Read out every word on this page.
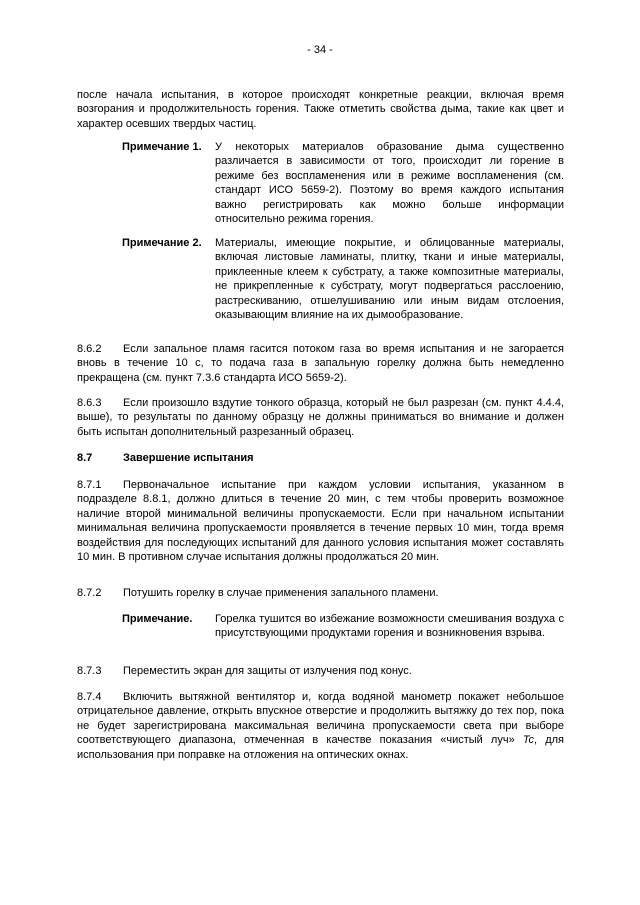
- 34 -
после начала испытания, в которое происходят конкретные реакции, включая время возгорания и продолжительность горения. Также отметить свойства дыма, такие как цвет и характер осевших твердых частиц.
Примечание 1. У некоторых материалов образование дыма существенно различается в зависимости от того, происходит ли горение в режиме без воспламенения или в режиме воспламенения (см. стандарт ИСО 5659-2). Поэтому во время каждого испытания важно регистрировать как можно больше информации относительно режима горения.
Примечание 2. Материалы, имеющие покрытие, и облицованные материалы, включая листовые ламинаты, плитку, ткани и иные материалы, приклеенные клеем к субстрату, а также композитные материалы, не прикрепленные к субстрату, могут подвергаться расслоению, растрескиванию, отшелушиванию или иным видам отслоения, оказывающим влияние на их дымообразование.
8.6.2 Если запальное пламя гасится потоком газа во время испытания и не загорается вновь в течение 10 с, то подача газа в запальную горелку должна быть немедленно прекращена (см. пункт 7.3.6 стандарта ИСО 5659-2).
8.6.3 Если произошло вздутие тонкого образца, который не был разрезан (см. пункт 4.4.4, выше), то результаты по данному образцу не должны приниматься во внимание и должен быть испытан дополнительный разрезанный образец.
8.7	Завершение испытания
8.7.1 Первоначальное испытание при каждом условии испытания, указанном в подразделе 8.8.1, должно длиться в течение 20 мин, с тем чтобы проверить возможное наличие второй минимальной величины пропускаемости. Если при начальном испытании минимальная величина пропускаемости проявляется в течение первых 10 мин, тогда время воздействия для последующих испытаний для данного условия испытания может составлять 10 мин. В противном случае испытания должны продолжаться 20 мин.
8.7.2 Потушить горелку в случае применения запального пламени.
Примечание. Горелка тушится во избежание возможности смешивания воздуха с присутствующими продуктами горения и возникновения взрыва.
8.7.3 Переместить экран для защиты от излучения под конус.
8.7.4 Включить вытяжной вентилятор и, когда водяной манометр покажет небольшое отрицательное давление, открыть впускное отверстие и продолжить вытяжку до тех пор, пока не будет зарегистрирована максимальная величина пропускаемости света при выборе соответствующего диапазона, отмеченная в качестве показания «чистый луч» Tc, для использования при поправке на отложения на оптических окнах.
